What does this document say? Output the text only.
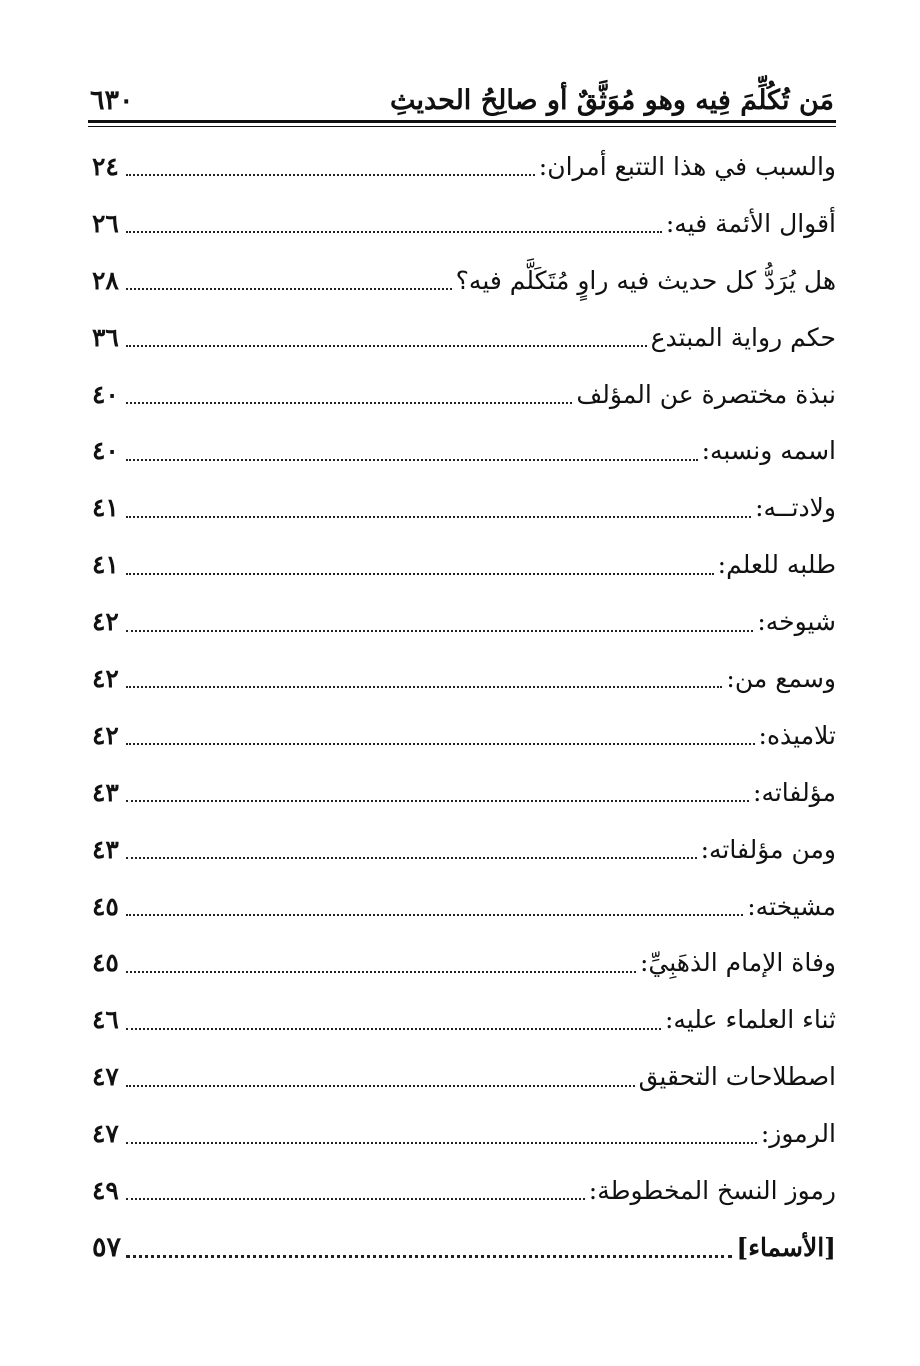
مَن تُكُلِّمَ فِيه وهو مُوَثَّقٌ أو صالِحُ الحديثِ
٦٣٠
والسبب في هذا التتبع أمران:
٢٤
أقوال الأئمة فيه:
٢٦
هل يُرَدُّ كل حديث فيه راوٍ مُتَكَلَّم فيه؟
٢٨
حكم رواية المبتدع
٣٦
نبذة مختصرة عن المؤلف
٤٠
اسمه ونسبه:
٤٠
ولادتــه:
٤١
طلبه للعلم:
٤١
شيوخه:
٤٢
وسمع من:
٤٢
تلاميذه:
٤٢
مؤلفاته:
٤٣
ومن مؤلفاته:
٤٣
مشيخته:
٤٥
وفاة الإمام الذهَبِيِّ:
٤٥
ثناء العلماء عليه:
٤٦
اصطلاحات التحقيق
٤٧
الرموز:
٤٧
رموز النسخ المخطوطة:
٤٩
[الأسماء]
٥٧
